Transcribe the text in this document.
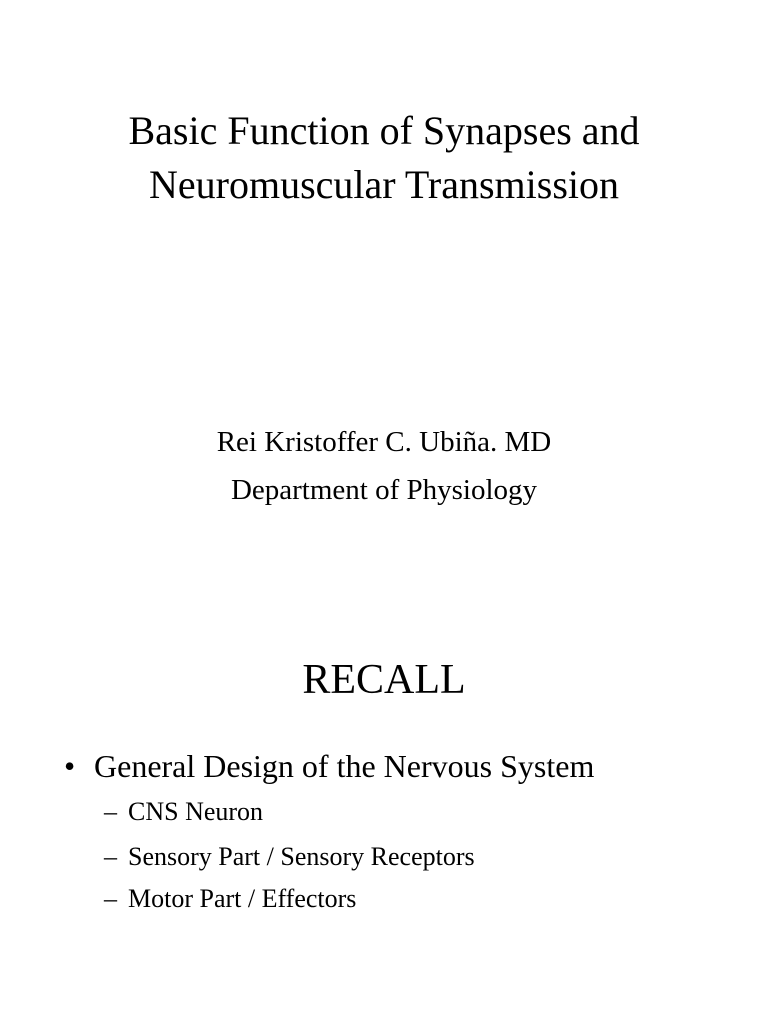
Basic Function of Synapses and
Neuromuscular Transmission
Rei Kristoffer C. Ubiña. MD
Department of Physiology
RECALL
• General Design of the Nervous System
– CNS Neuron
– Sensory Part / Sensory Receptors
– Motor Part / Effectors
